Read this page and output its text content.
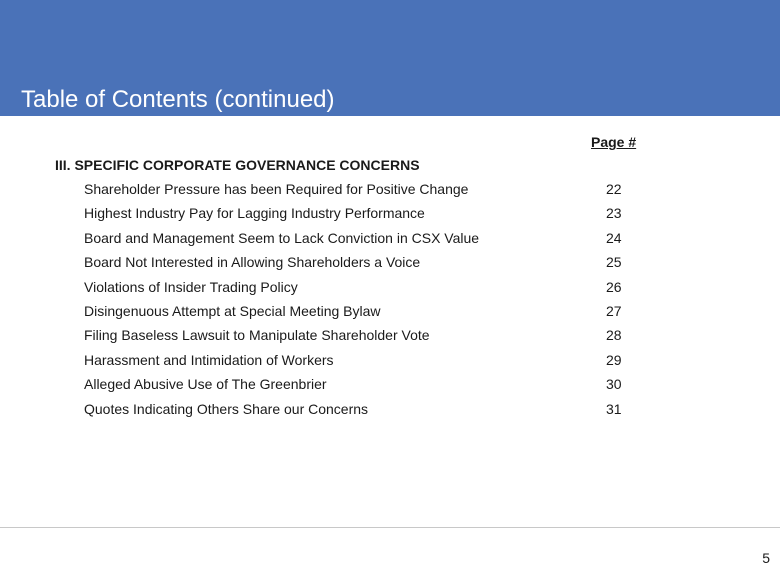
Table of Contents (continued)
Page #
III. SPECIFIC CORPORATE GOVERNANCE CONCERNS
Shareholder Pressure has been Required for Positive Change	22
Highest Industry Pay for Lagging Industry Performance	23
Board and Management Seem to Lack Conviction in CSX Value	24
Board Not Interested in Allowing Shareholders a Voice	25
Violations of Insider Trading Policy	26
Disingenuous Attempt at Special Meeting Bylaw	27
Filing Baseless Lawsuit to Manipulate Shareholder Vote	28
Harassment and Intimidation of Workers	29
Alleged Abusive Use of The Greenbrier	30
Quotes Indicating Others Share our Concerns	31
5
